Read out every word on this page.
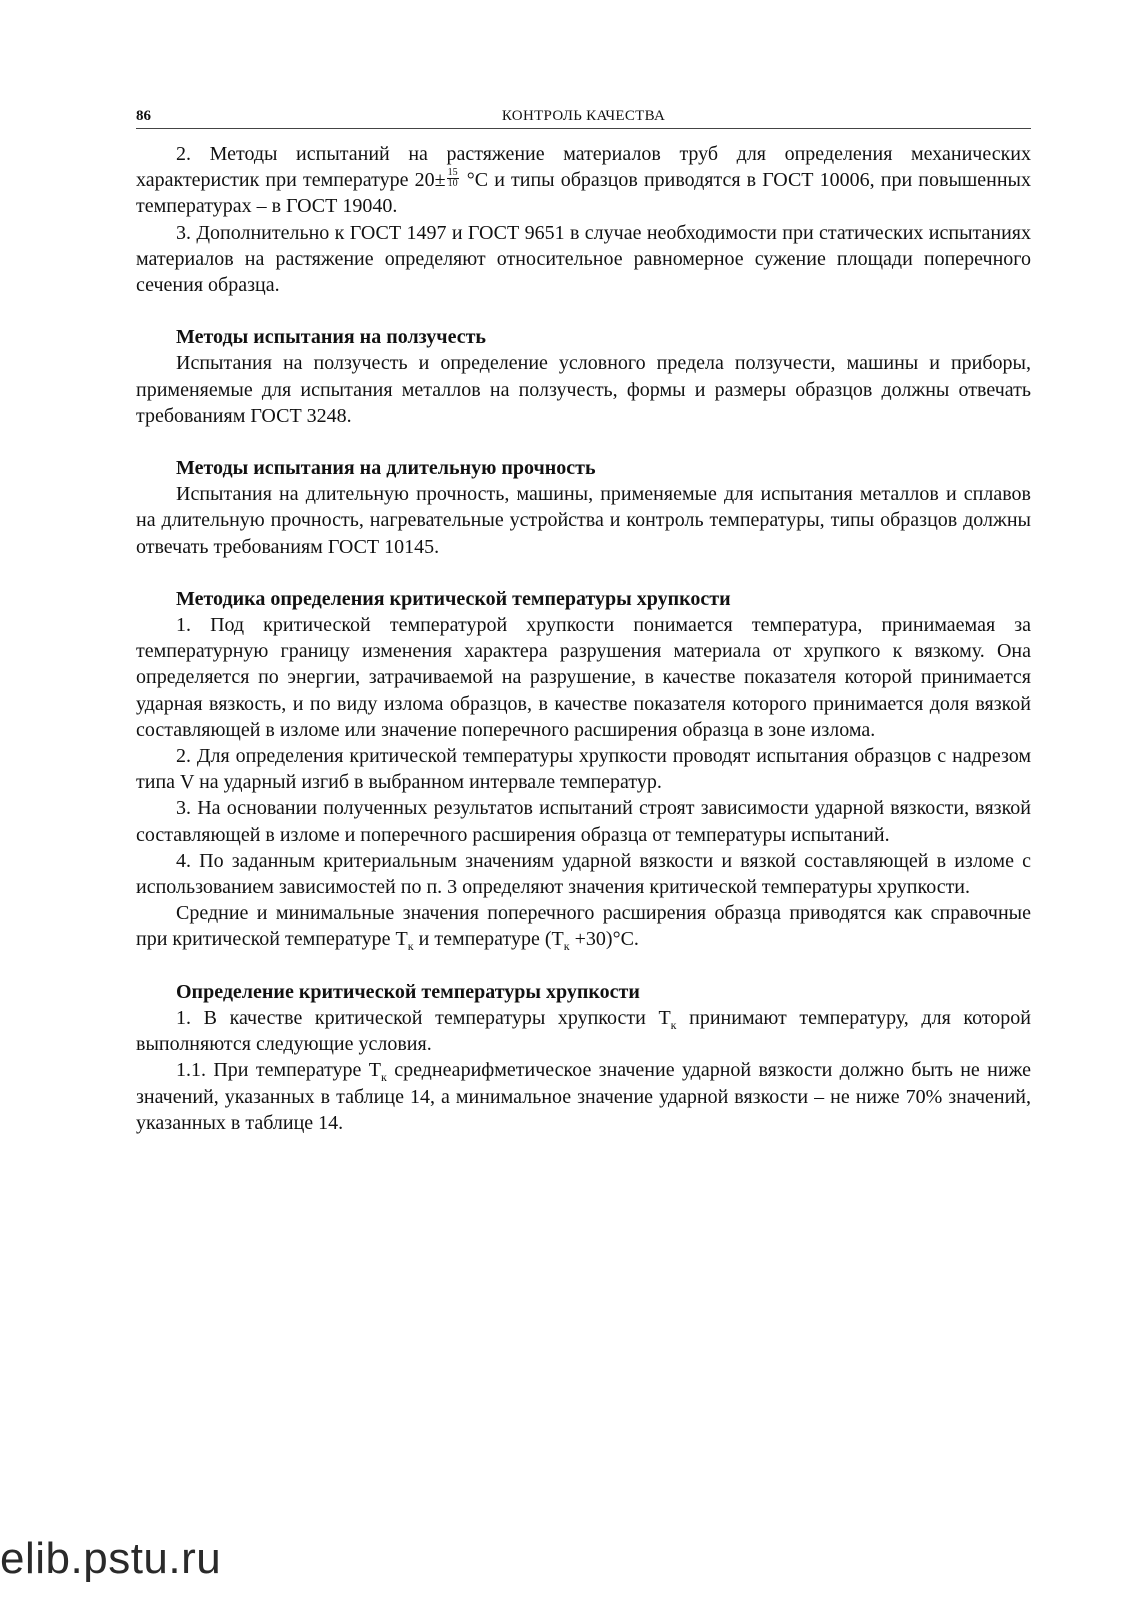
86	КОНТРОЛЬ КАЧЕСТВА

2. Методы испытаний на растяжение материалов труб для определения механических характеристик при температуре $20\pm \frac{15}{10} ^\circ С$ и типы образцов приводятся в ГОСТ 10006, при повышенных температурах – в ГОСТ 19040.

3. Дополнительно к ГОСТ 1497 и ГОСТ 9651 в случае необходимости при статических испытаниях материалов на растяжение определяют относительное равномерное сужение площади поперечного сечения образца.

Методы испытания на ползучесть

Испытания на ползучесть и определение условного предела ползучести, машины и приборы, применяемые для испытания металлов на ползучесть, формы и размеры образцов должны отвечать требованиям ГОСТ 3248.

Методы испытания на длительную прочность

Испытания на длительную прочность, машины, применяемые для испытания металлов и сплавов на длительную прочность, нагревательные устройства и контроль температуры, типы образцов должны отвечать требованиям ГОСТ 10145.

Методика определения критической температуры хрупкости

1. Под критической температурой хрупкости понимается температура, принимаемая за температурную границу изменения характера разрушения материала от хрупкого к вязкому. Она определяется по энергии, затрачиваемой на разрушение, в качестве показателя которой принимается ударная вязкость, и по виду излома образцов, в качестве показателя которого принимается доля вязкой составляющей в изломе или значение поперечного расширения образца в зоне излома.

2. Для определения критической температуры хрупкости проводят испытания образцов с надрезом типа V на ударный изгиб в выбранном интервале температур.

3. На основании полученных результатов испытаний строят зависимости ударной вязкости, вязкой составляющей в изломе и поперечного расширения образца от температуры испытаний.

4. По заданным критериальным значениям ударной вязкости и вязкой составляющей в изломе с использованием зависимостей по п. 3 определяют значения критической температуры хрупкости.

Средние и минимальные значения поперечного расширения образца приводятся как справочные при критической температуре $Т_к$ и температуре $(Т_к +30)^\circ С$.

Определение критической температуры хрупкости

1. В качестве критической температуры хрупкости $Т_к$ принимают температуру, для которой выполняются следующие условия.

1.1. При температуре $Т_к$ среднеарифметическое значение ударной вязкости должно быть не ниже значений, указанных в таблице 14, а минимальное значение ударной вязкости – не ниже 70% значений, указанных в таблице 14.

elib.pstu.ru
